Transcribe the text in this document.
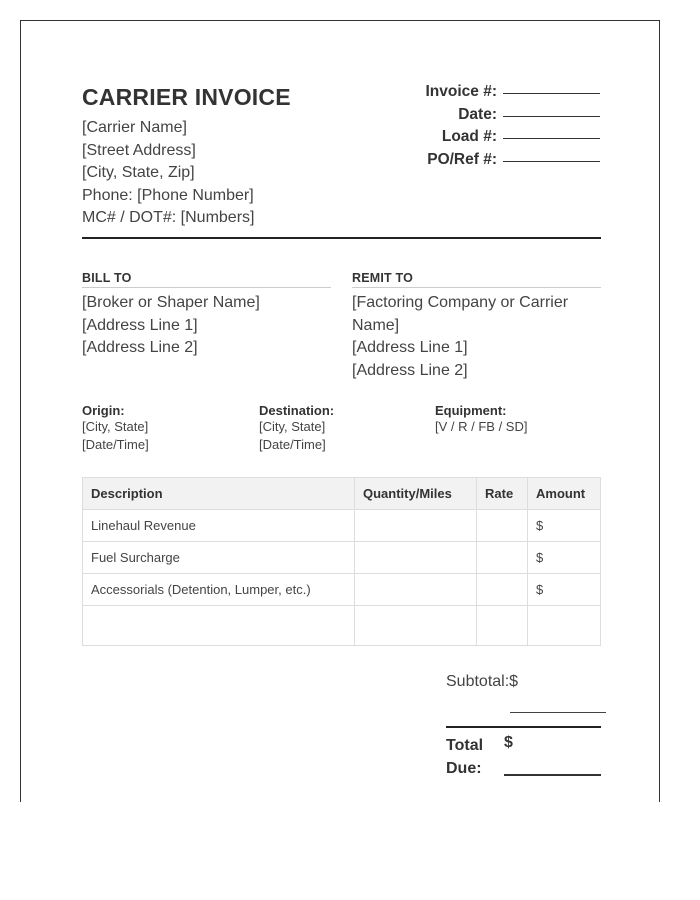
CARRIER INVOICE
[Carrier Name]
[Street Address]
[City, State, Zip]
Phone: [Phone Number]
MC# / DOT#: [Numbers]
Invoice #:
Date:
Load #:
PO/Ref #:
BILL TO
[Broker or Shaper Name]
[Address Line 1]
[Address Line 2]
REMIT TO
[Factoring Company or Carrier Name]
[Address Line 1]
[Address Line 2]
Origin:
[City, State]
[Date/Time]
Destination:
[City, State]
[Date/Time]
Equipment:
[V / R / FB / SD]
Description	Quantity/Miles	Rate	Amount
Linehaul Revenue			$
Fuel Surcharge			$
Accessorials (Detention, Lumper, etc.)			$

Subtotal:$
Total
Due:
$
